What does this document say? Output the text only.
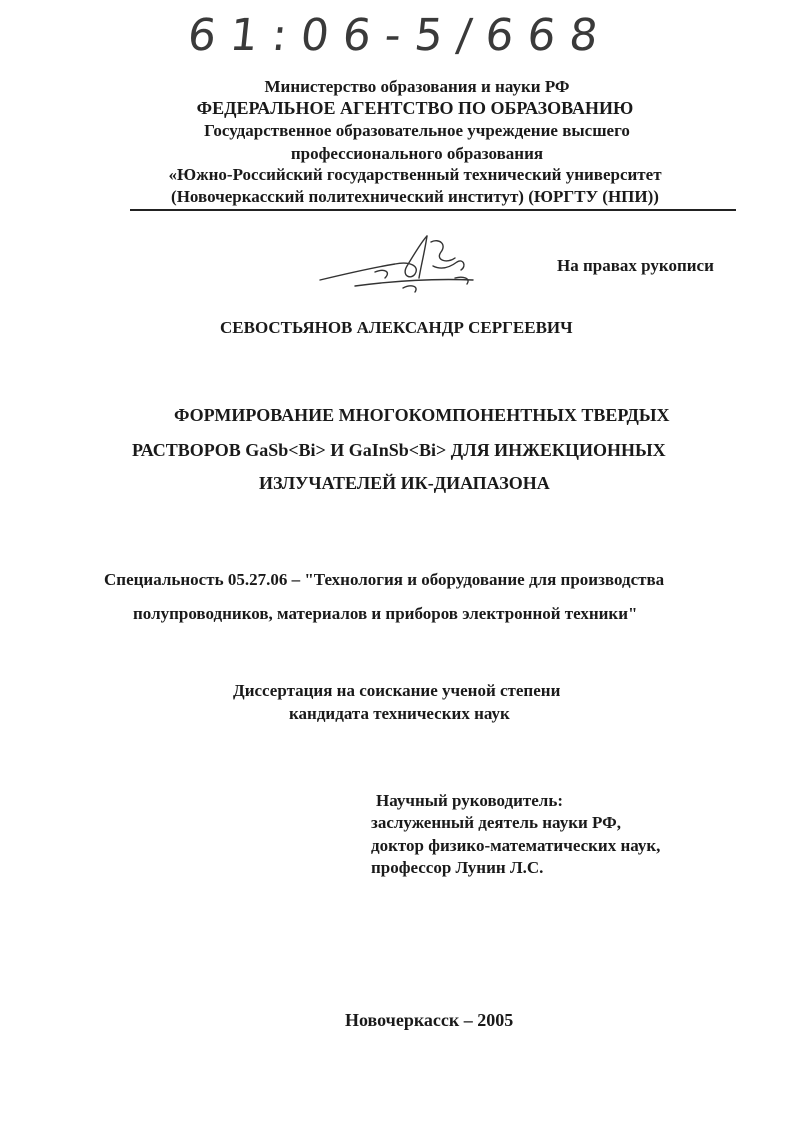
61:06-5/668
Министерство образования и науки РФ
ФЕДЕРАЛЬНОЕ АГЕНТСТВО ПО ОБРАЗОВАНИЮ
Государственное образовательное учреждение высшего
профессионального образования
«Южно-Российский государственный технический университет
(Новочеркасский политехнический институт) (ЮРГТУ (НПИ))
На правах рукописи
СЕВОСТЬЯНОВ АЛЕКСАНДР СЕРГЕЕВИЧ
ФОРМИРОВАНИЕ МНОГОКОМПОНЕНТНЫХ ТВЕРДЫХ
РАСТВОРОВ GaSb<Bi> И GaInSb<Bi> ДЛЯ ИНЖЕКЦИОННЫХ
ИЗЛУЧАТЕЛЕЙ ИК-ДИАПАЗОНА
Специальность 05.27.06 – "Технология и оборудование для производства
полупроводников, материалов и приборов электронной техники"
Диссертация на соискание ученой степени
кандидата технических наук
Научный руководитель:
заслуженный деятель науки РФ,
доктор физико-математических наук,
профессор Лунин Л.С.
Новочеркасск – 2005
